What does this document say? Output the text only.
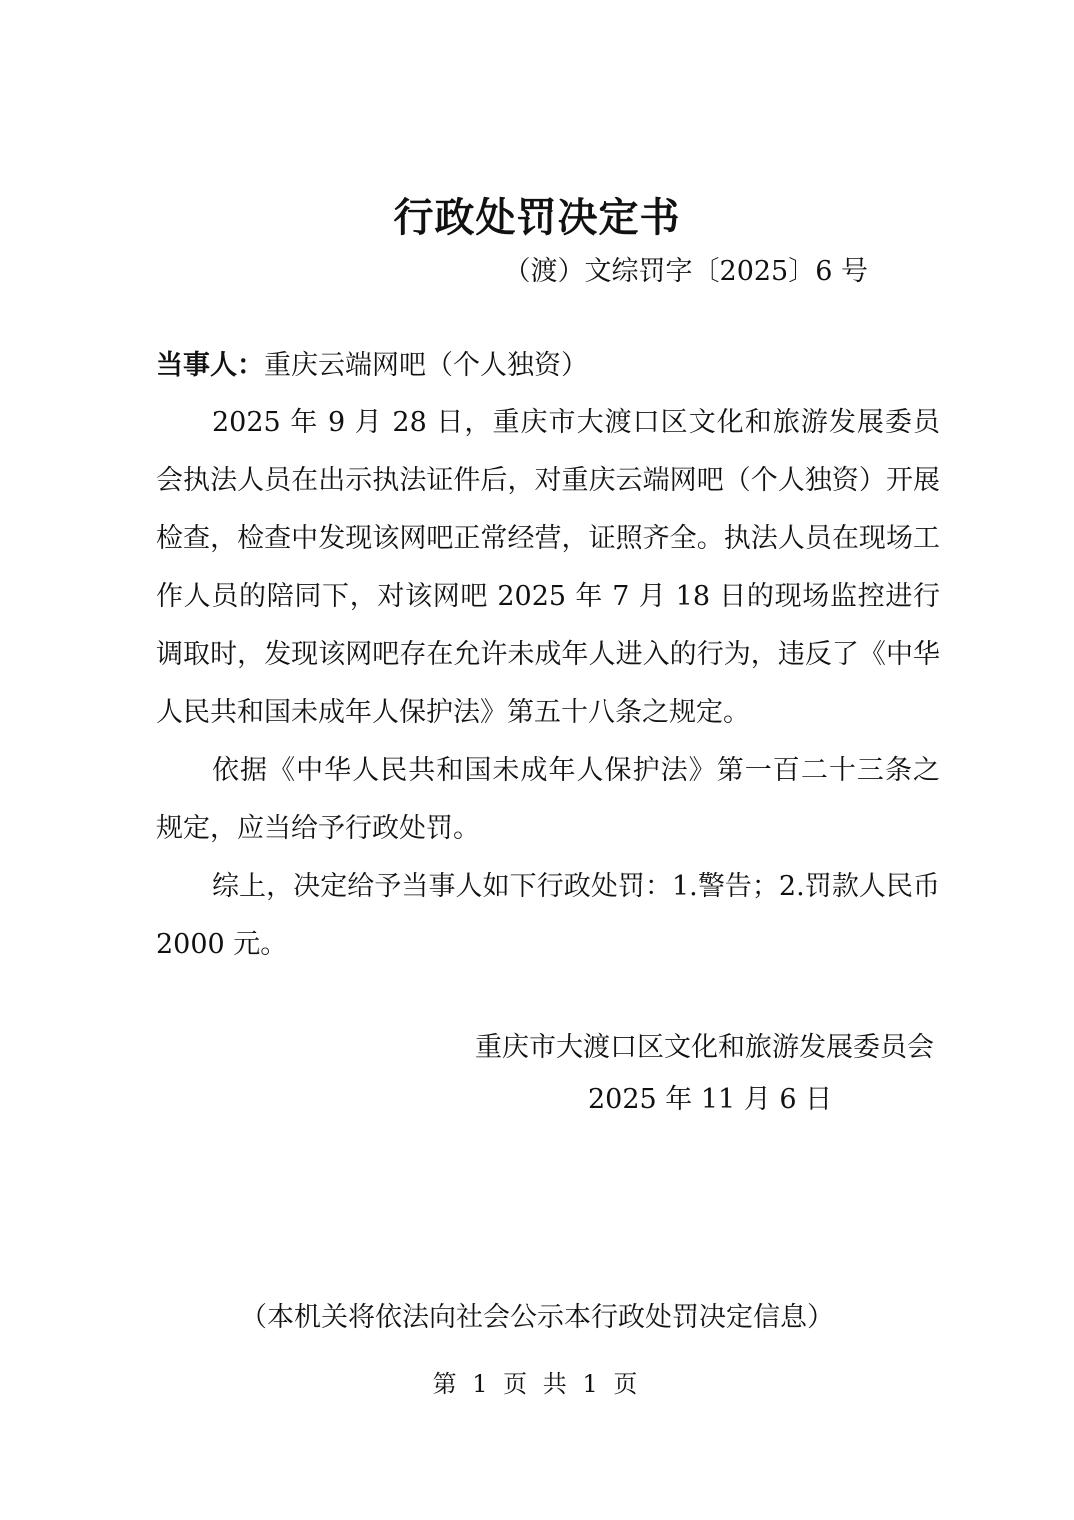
行政处罚决定书
（渡）文综罚字〔2025〕6 号
当事人：重庆云端网吧（个人独资）

2025 年 9 月 28 日，重庆市大渡口区文化和旅游发展委员会执法人员在出示执法证件后，对重庆云端网吧（个人独资）开展检查，检查中发现该网吧正常经营，证照齐全。执法人员在现场工作人员的陪同下，对该网吧 2025 年 7 月 18 日的现场监控进行调取时，发现该网吧存在允许未成年人进入的行为，违反了《中华人民共和国未成年人保护法》第五十八条之规定。

依据《中华人民共和国未成年人保护法》第一百二十三条之规定，应当给予行政处罚。

综上，决定给予当事人如下行政处罚：1.警告；2.罚款人民币 2000 元。

重庆市大渡口区文化和旅游发展委员会
2025 年 11 月 6 日
（本机关将依法向社会公示本行政处罚决定信息）
第 1 页 共 1 页
